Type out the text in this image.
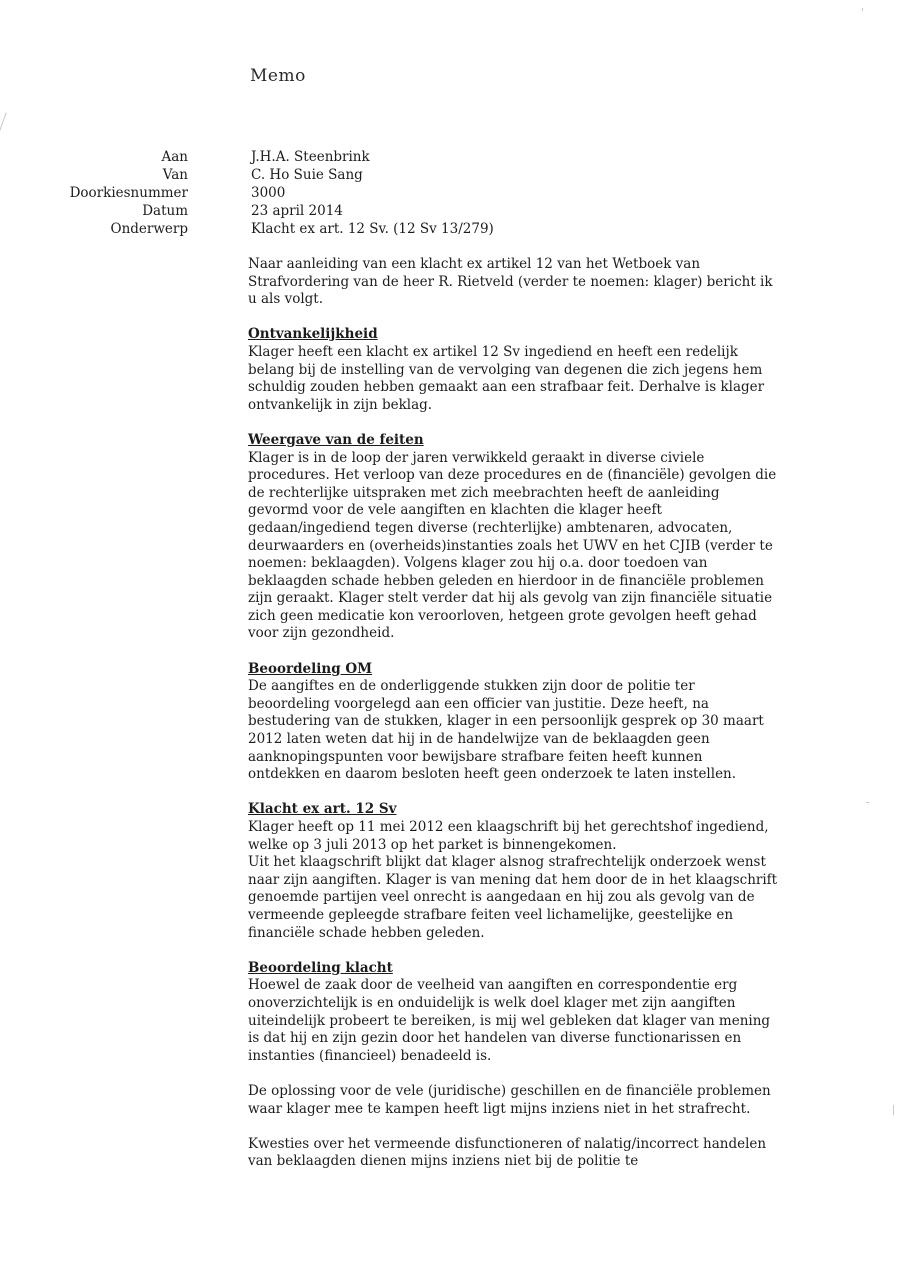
Memo
Aan	J.H.A. Steenbrink
Van	C. Ho Suie Sang
Doorkiesnummer	3000
Datum	23 april 2014
Onderwerp	Klacht ex art. 12 Sv. (12 Sv 13/279)

Naar aanleiding van een klacht ex artikel 12 van het Wetboek van Strafvordering van de heer R. Rietveld (verder te noemen: klager) bericht ik u als volgt.

Ontvankelijkheid

Klager heeft een klacht ex artikel 12 Sv ingediend en heeft een redelijk belang bij de instelling van de vervolging van degenen die zich jegens hem schuldig zouden hebben gemaakt aan een strafbaar feit. Derhalve is klager ontvankelijk in zijn beklag.

Weergave van de feiten

Klager is in de loop der jaren verwikkeld geraakt in diverse civiele procedures. Het verloop van deze procedures en de (financiële) gevolgen die de rechterlijke uitspraken met zich meebrachten heeft de aanleiding gevormd voor de vele aangiften en klachten die klager heeft gedaan/ingediend tegen diverse (rechterlijke) ambtenaren, advocaten, deurwaarders en (overheids)instanties zoals het UWV en het CJIB (verder te noemen: beklaagden). Volgens klager zou hij o.a. door toedoen van beklaagden schade hebben geleden en hierdoor in de financiële problemen zijn geraakt. Klager stelt verder dat hij als gevolg van zijn financiële situatie zich geen medicatie kon veroorloven, hetgeen grote gevolgen heeft gehad voor zijn gezondheid.

Beoordeling OM

De aangiftes en de onderliggende stukken zijn door de politie ter beoordeling voorgelegd aan een officier van justitie. Deze heeft, na bestudering van de stukken, klager in een persoonlijk gesprek op 30 maart 2012 laten weten dat hij in de handelwijze van de beklaagden geen aanknopingspunten voor bewijsbare strafbare feiten heeft kunnen ontdekken en daarom besloten heeft geen onderzoek te laten instellen.

Klacht ex art. 12 Sv

Klager heeft op 11 mei 2012 een klaagschrift bij het gerechtshof ingediend, welke op 3 juli 2013 op het parket is binnengekomen.

Uit het klaagschrift blijkt dat klager alsnog strafrechtelijk onderzoek wenst naar zijn aangiften. Klager is van mening dat hem door de in het klaagschrift genoemde partijen veel onrecht is aangedaan en hij zou als gevolg van de vermeende gepleegde strafbare feiten veel lichamelijke, geestelijke en financiële schade hebben geleden.

Beoordeling klacht

Hoewel de zaak door de veelheid van aangiften en correspondentie erg onoverzichtelijk is en onduidelijk is welk doel klager met zijn aangiften uiteindelijk probeert te bereiken, is mij wel gebleken dat klager van mening is dat hij en zijn gezin door het handelen van diverse functionarissen en instanties (financieel) benadeeld is.

De oplossing voor de vele (juridische) geschillen en de financiële problemen waar klager mee te kampen heeft ligt mijns inziens niet in het strafrecht.

Kwesties over het vermeende disfunctioneren of nalatig/incorrect handelen van beklaagden dienen mijns inziens niet bij de politie te
